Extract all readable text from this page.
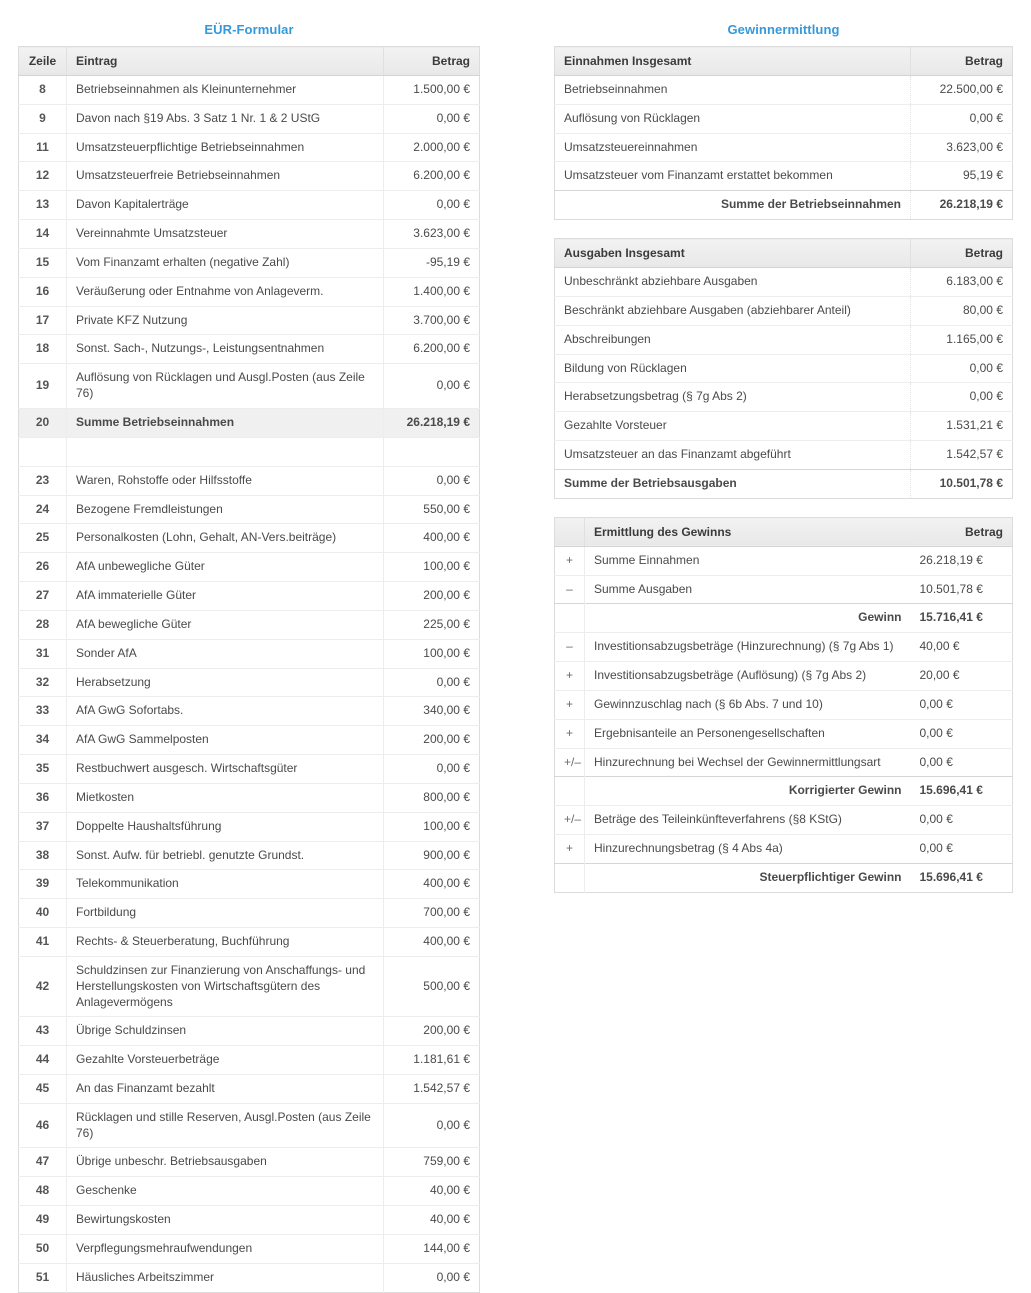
EÜR-Formular
Zeile	Eintrag	Betrag
8	Betriebseinnahmen als Kleinunternehmer	1.500,00 €
9	Davon nach §19 Abs. 3 Satz 1 Nr. 1 & 2 UStG	0,00 €
11	Umsatzsteuerpflichtige Betriebseinnahmen	2.000,00 €
12	Umsatzsteuerfreie Betriebseinnahmen	6.200,00 €
13	Davon Kapitalerträge	0,00 €
14	Vereinnahmte Umsatzsteuer	3.623,00 €
15	Vom Finanzamt erhalten (negative Zahl)	-95,19 €
16	Veräußerung oder Entnahme von Anlageverm.	1.400,00 €
17	Private KFZ Nutzung	3.700,00 €
18	Sonst. Sach-, Nutzungs-, Leistungsentnahmen	6.200,00 €
19	Auflösung von Rücklagen und Ausgl.Posten (aus Zeile 76)	0,00 €
20	Summe Betriebseinnahmen	26.218,19 €

23	Waren, Rohstoffe oder Hilfsstoffe	0,00 €
24	Bezogene Fremdleistungen	550,00 €
25	Personalkosten (Lohn, Gehalt, AN-Vers.beiträge)	400,00 €
26	AfA unbewegliche Güter	100,00 €
27	AfA immaterielle Güter	200,00 €
28	AfA bewegliche Güter	225,00 €
31	Sonder AfA	100,00 €
32	Herabsetzung	0,00 €
33	AfA GwG Sofortabs.	340,00 €
34	AfA GwG Sammelposten	200,00 €
35	Restbuchwert ausgesch. Wirtschaftsgüter	0,00 €
36	Mietkosten	800,00 €
37	Doppelte Haushaltsführung	100,00 €
38	Sonst. Aufw. für betriebl. genutzte Grundst.	900,00 €
39	Telekommunikation	400,00 €
40	Fortbildung	700,00 €
41	Rechts- & Steuerberatung, Buchführung	400,00 €
42	Schuldzinsen zur Finanzierung von Anschaffungs- und Herstellungskosten von Wirtschaftsgütern des Anlagevermögens	500,00 €
43	Übrige Schuldzinsen	200,00 €
44	Gezahlte Vorsteuerbeträge	1.181,61 €
45	An das Finanzamt bezahlt	1.542,57 €
46	Rücklagen und stille Reserven, Ausgl.Posten (aus Zeile 76)	0,00 €
47	Übrige unbeschr. Betriebsausgaben	759,00 €
48	Geschenke	40,00 €
49	Bewirtungskosten	40,00 €
50	Verpflegungsmehraufwendungen	144,00 €
51	Häusliches Arbeitszimmer	0,00 €
Gewinnermittlung
Einnahmen Insgesamt	Betrag
Betriebseinnahmen	22.500,00 €
Auflösung von Rücklagen	0,00 €
Umsatzsteuereinnahmen	3.623,00 €
Umsatzsteuer vom Finanzamt erstattet bekommen	95,19 €
Summe der Betriebseinnahmen	26.218,19 €
Ausgaben Insgesamt	Betrag
Unbeschränkt abziehbare Ausgaben	6.183,00 €
Beschränkt abziehbare Ausgaben (abziehbarer Anteil)	80,00 €
Abschreibungen	1.165,00 €
Bildung von Rücklagen	0,00 €
Herabsetzungsbetrag (§ 7g Abs 2)	0,00 €
Gezahlte Vorsteuer	1.531,21 €
Umsatzsteuer an das Finanzamt abgeführt	1.542,57 €
Summe der Betriebsausgaben	10.501,78 €
	Ermittlung des Gewinns	Betrag
+	Summe Einnahmen	26.218,19 €
–	Summe Ausgaben	10.501,78 €
	Gewinn	15.716,41 €
–	Investitionsabzugsbeträge (Hinzurechnung) (§ 7g Abs 1)	40,00 €
+	Investitionsabzugsbeträge (Auflösung) (§ 7g Abs 2)	20,00 €
+	Gewinnzuschlag nach (§ 6b Abs. 7 und 10)	0,00 €
+	Ergebnisanteile an Personengesellschaften	0,00 €
+/–	Hinzurechnung bei Wechsel der Gewinnermittlungsart	0,00 €
	Korrigierter Gewinn	15.696,41 €
+/–	Beträge des Teileinkünfteverfahrens (§8 KStG)	0,00 €
+	Hinzurechnungsbetrag (§ 4 Abs 4a)	0,00 €
	Steuerpflichtiger Gewinn	15.696,41 €
